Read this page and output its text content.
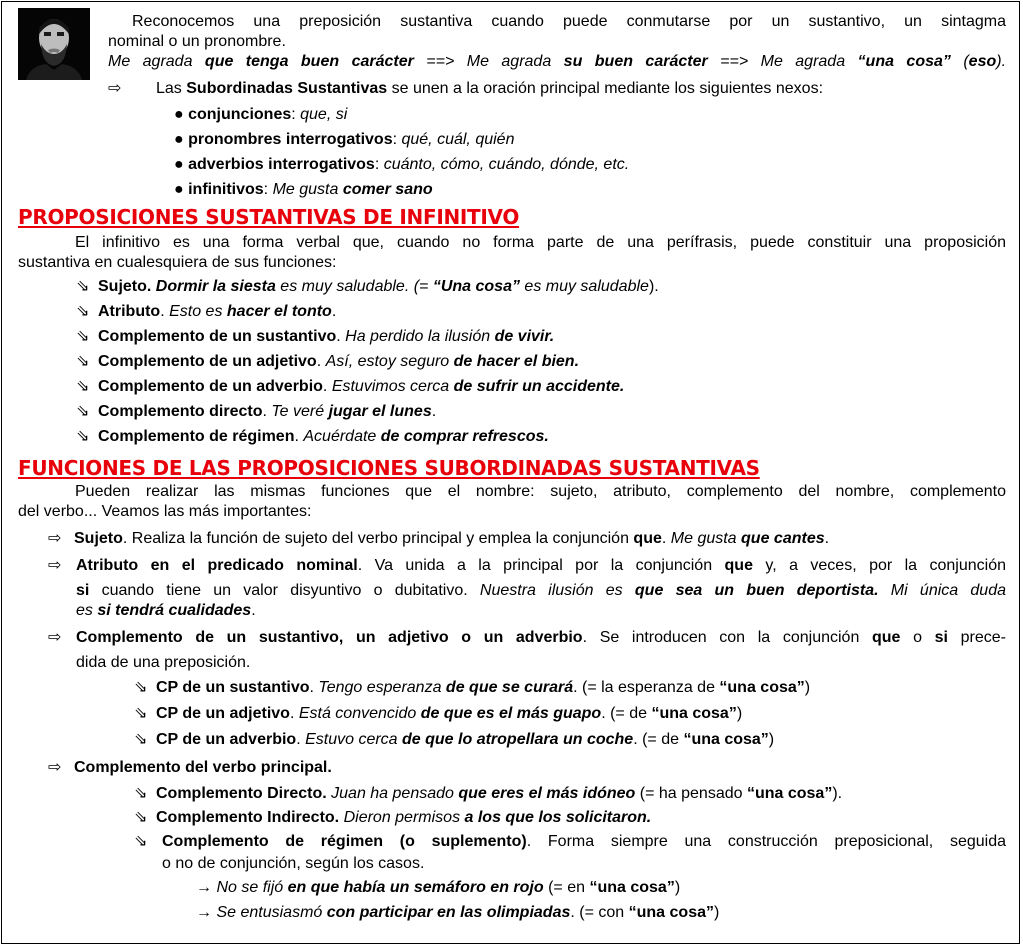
Reconocemos una preposición sustantiva cuando puede conmutarse por un sustantivo, un sintagma
nominal o un pronombre.
Me agrada que tenga buen carácter ==> Me agrada su buen carácter ==> Me agrada “una cosa” (eso).
⇨ Las Subordinadas Sustantivas se unen a la oración principal mediante los siguientes nexos:
● conjunciones: que, si
● pronombres interrogativos: qué, cuál, quién
● adverbios interrogativos: cuánto, cómo, cuándo, dónde, etc.
● infinitivos: Me gusta comer sano
PROPOSICIONES SUSTANTIVAS DE INFINITIVO
El infinitivo es una forma verbal que, cuando no forma parte de una perífrasis, puede constituir una proposición
sustantiva en cualesquiera de sus funciones:
⇘ Sujeto. Dormir la siesta es muy saludable. (= “Una cosa” es muy saludable).
⇘ Atributo. Esto es hacer el tonto.
⇘ Complemento de un sustantivo. Ha perdido la ilusión de vivir.
⇘ Complemento de un adjetivo. Así, estoy seguro de hacer el bien.
⇘ Complemento de un adverbio. Estuvimos cerca de sufrir un accidente.
⇘ Complemento directo. Te veré jugar el lunes.
⇘ Complemento de régimen. Acuérdate de comprar refrescos.
FUNCIONES DE LAS PROPOSICIONES SUBORDINADAS SUSTANTIVAS
Pueden realizar las mismas funciones que el nombre: sujeto, atributo, complemento del nombre, complemento
del verbo... Veamos las más importantes:
⇨ Sujeto. Realiza la función de sujeto del verbo principal y emplea la conjunción que. Me gusta que cantes.
⇨ Atributo en el predicado nominal. Va unida a la principal por la conjunción que y, a veces, por la conjunción
si cuando tiene un valor disyuntivo o dubitativo. Nuestra ilusión es que sea un buen deportista. Mi única duda
es si tendrá cualidades.
⇨ Complemento de un sustantivo, un adjetivo o un adverbio. Se introducen con la conjunción que o si prece-
dida de una preposición.
⇘ CP de un sustantivo. Tengo esperanza de que se curará. (= la esperanza de “una cosa”)
⇘ CP de un adjetivo. Está convencido de que es el más guapo. (= de “una cosa”)
⇘ CP de un adverbio. Estuvo cerca de que lo atropellara un coche. (= de “una cosa”)
⇨ Complemento del verbo principal.
⇘ Complemento Directo. Juan ha pensado que eres el más idóneo (= ha pensado “una cosa”).
⇘ Complemento Indirecto. Dieron permisos a los que los solicitaron.
⇘ Complemento de régimen (o suplemento). Forma siempre una construcción preposicional, seguida
o no de conjunción, según los casos.
→ No se fijó en que había un semáforo en rojo (= en “una cosa”)
→ Se entusiasmó con participar en las olimpiadas. (= con “una cosa”)
